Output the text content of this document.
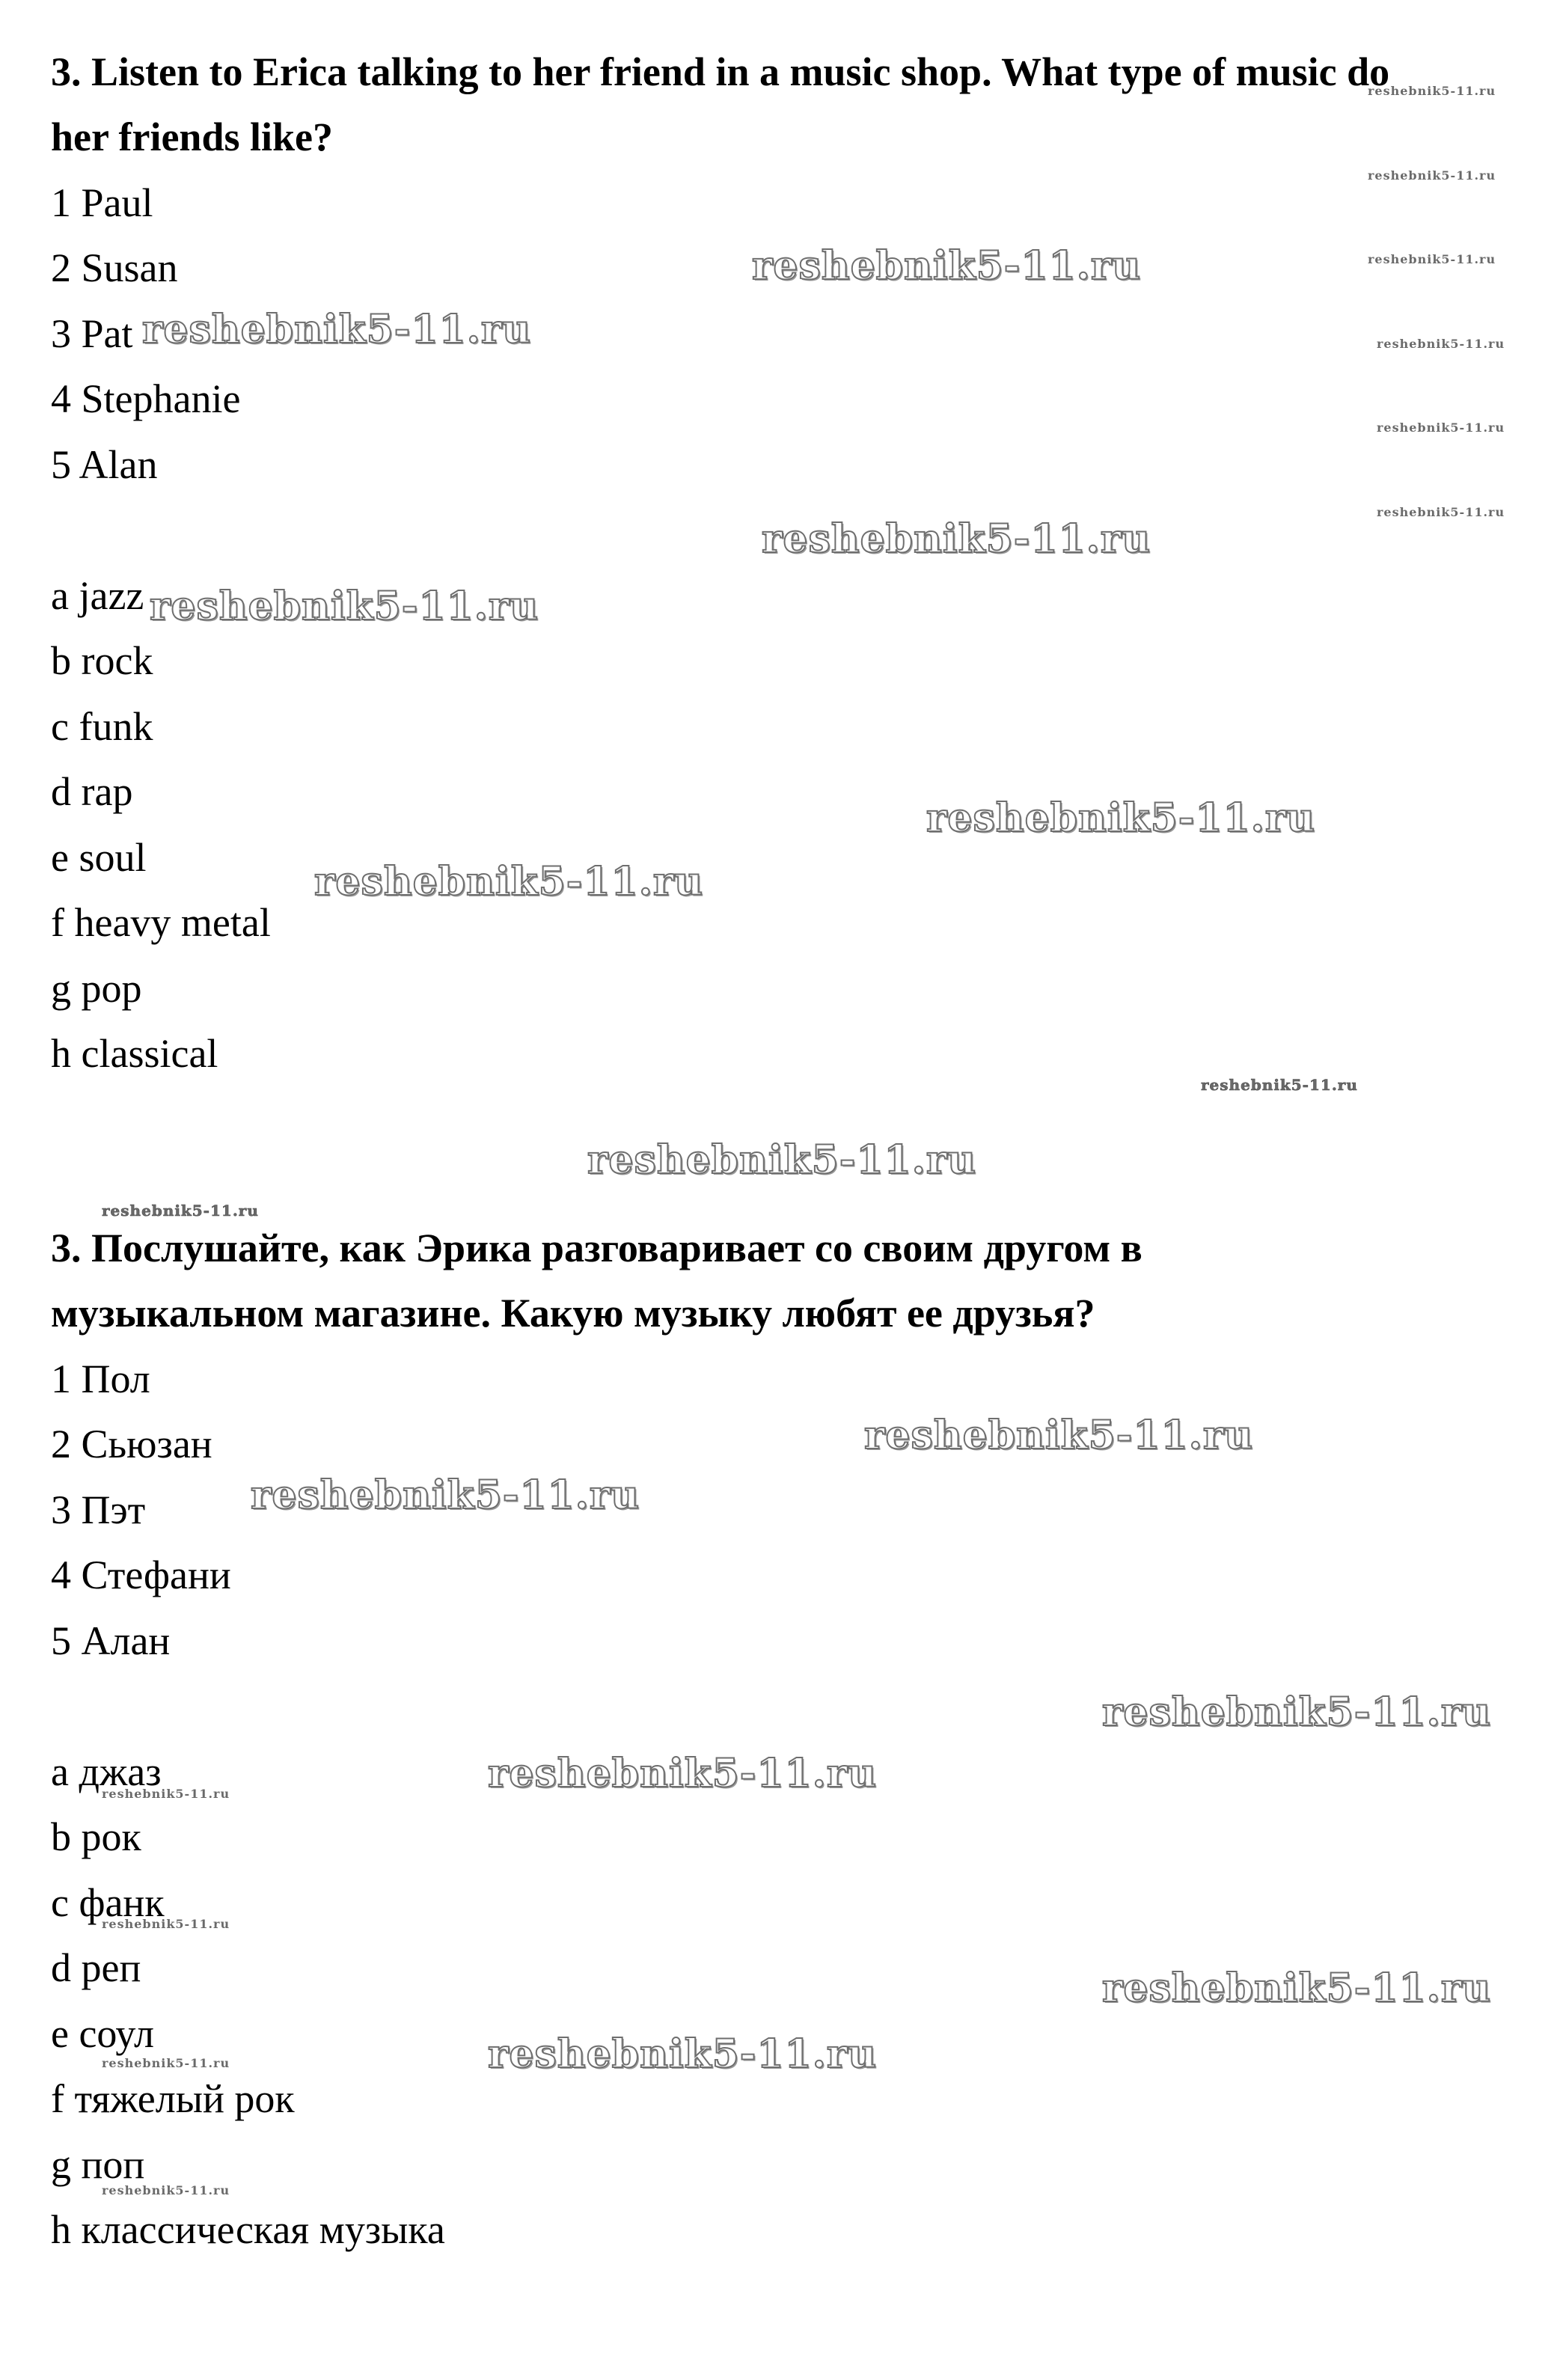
3. Listen to Erica talking to her friend in a music shop. What type of music do
her friends like?
1 Paul
2 Susan
3 Pat
4 Stephanie
5 Alan
a jazz
b rock
c funk
d rap
e soul
f heavy metal
g pop
h classical
3. Послушайте, как Эрика разговаривает со своим другом в
музыкальном магазине. Какую музыку любят ее друзья?
1 Пол
2 Сьюзан
3 Пэт
4 Стефани
5 Алан
a джаз
b рок
c фанк
d реп
e соул
f тяжелый рок
g поп
h классическая музыка
reshebnik5-11.ru
reshebnik5-11.ru
reshebnik5-11.ru
reshebnik5-11.ru
reshebnik5-11.ru
reshebnik5-11.ru
reshebnik5-11.ru
reshebnik5-11.ru
reshebnik5-11.ru
reshebnik5-11.ru
reshebnik5-11.ru
reshebnik5-11.ru
reshebnik5-11.ru
reshebnik5-11.ru
reshebnik5-11.ru
reshebnik5-11.ru
reshebnik5-11.ru
reshebnik5-11.ru
reshebnik5-11.ru
reshebnik5-11.ru
reshebnik5-11.ru
reshebnik5-11.ru
reshebnik5-11.ru
reshebnik5-11.ru
reshebnik5-11.ru
